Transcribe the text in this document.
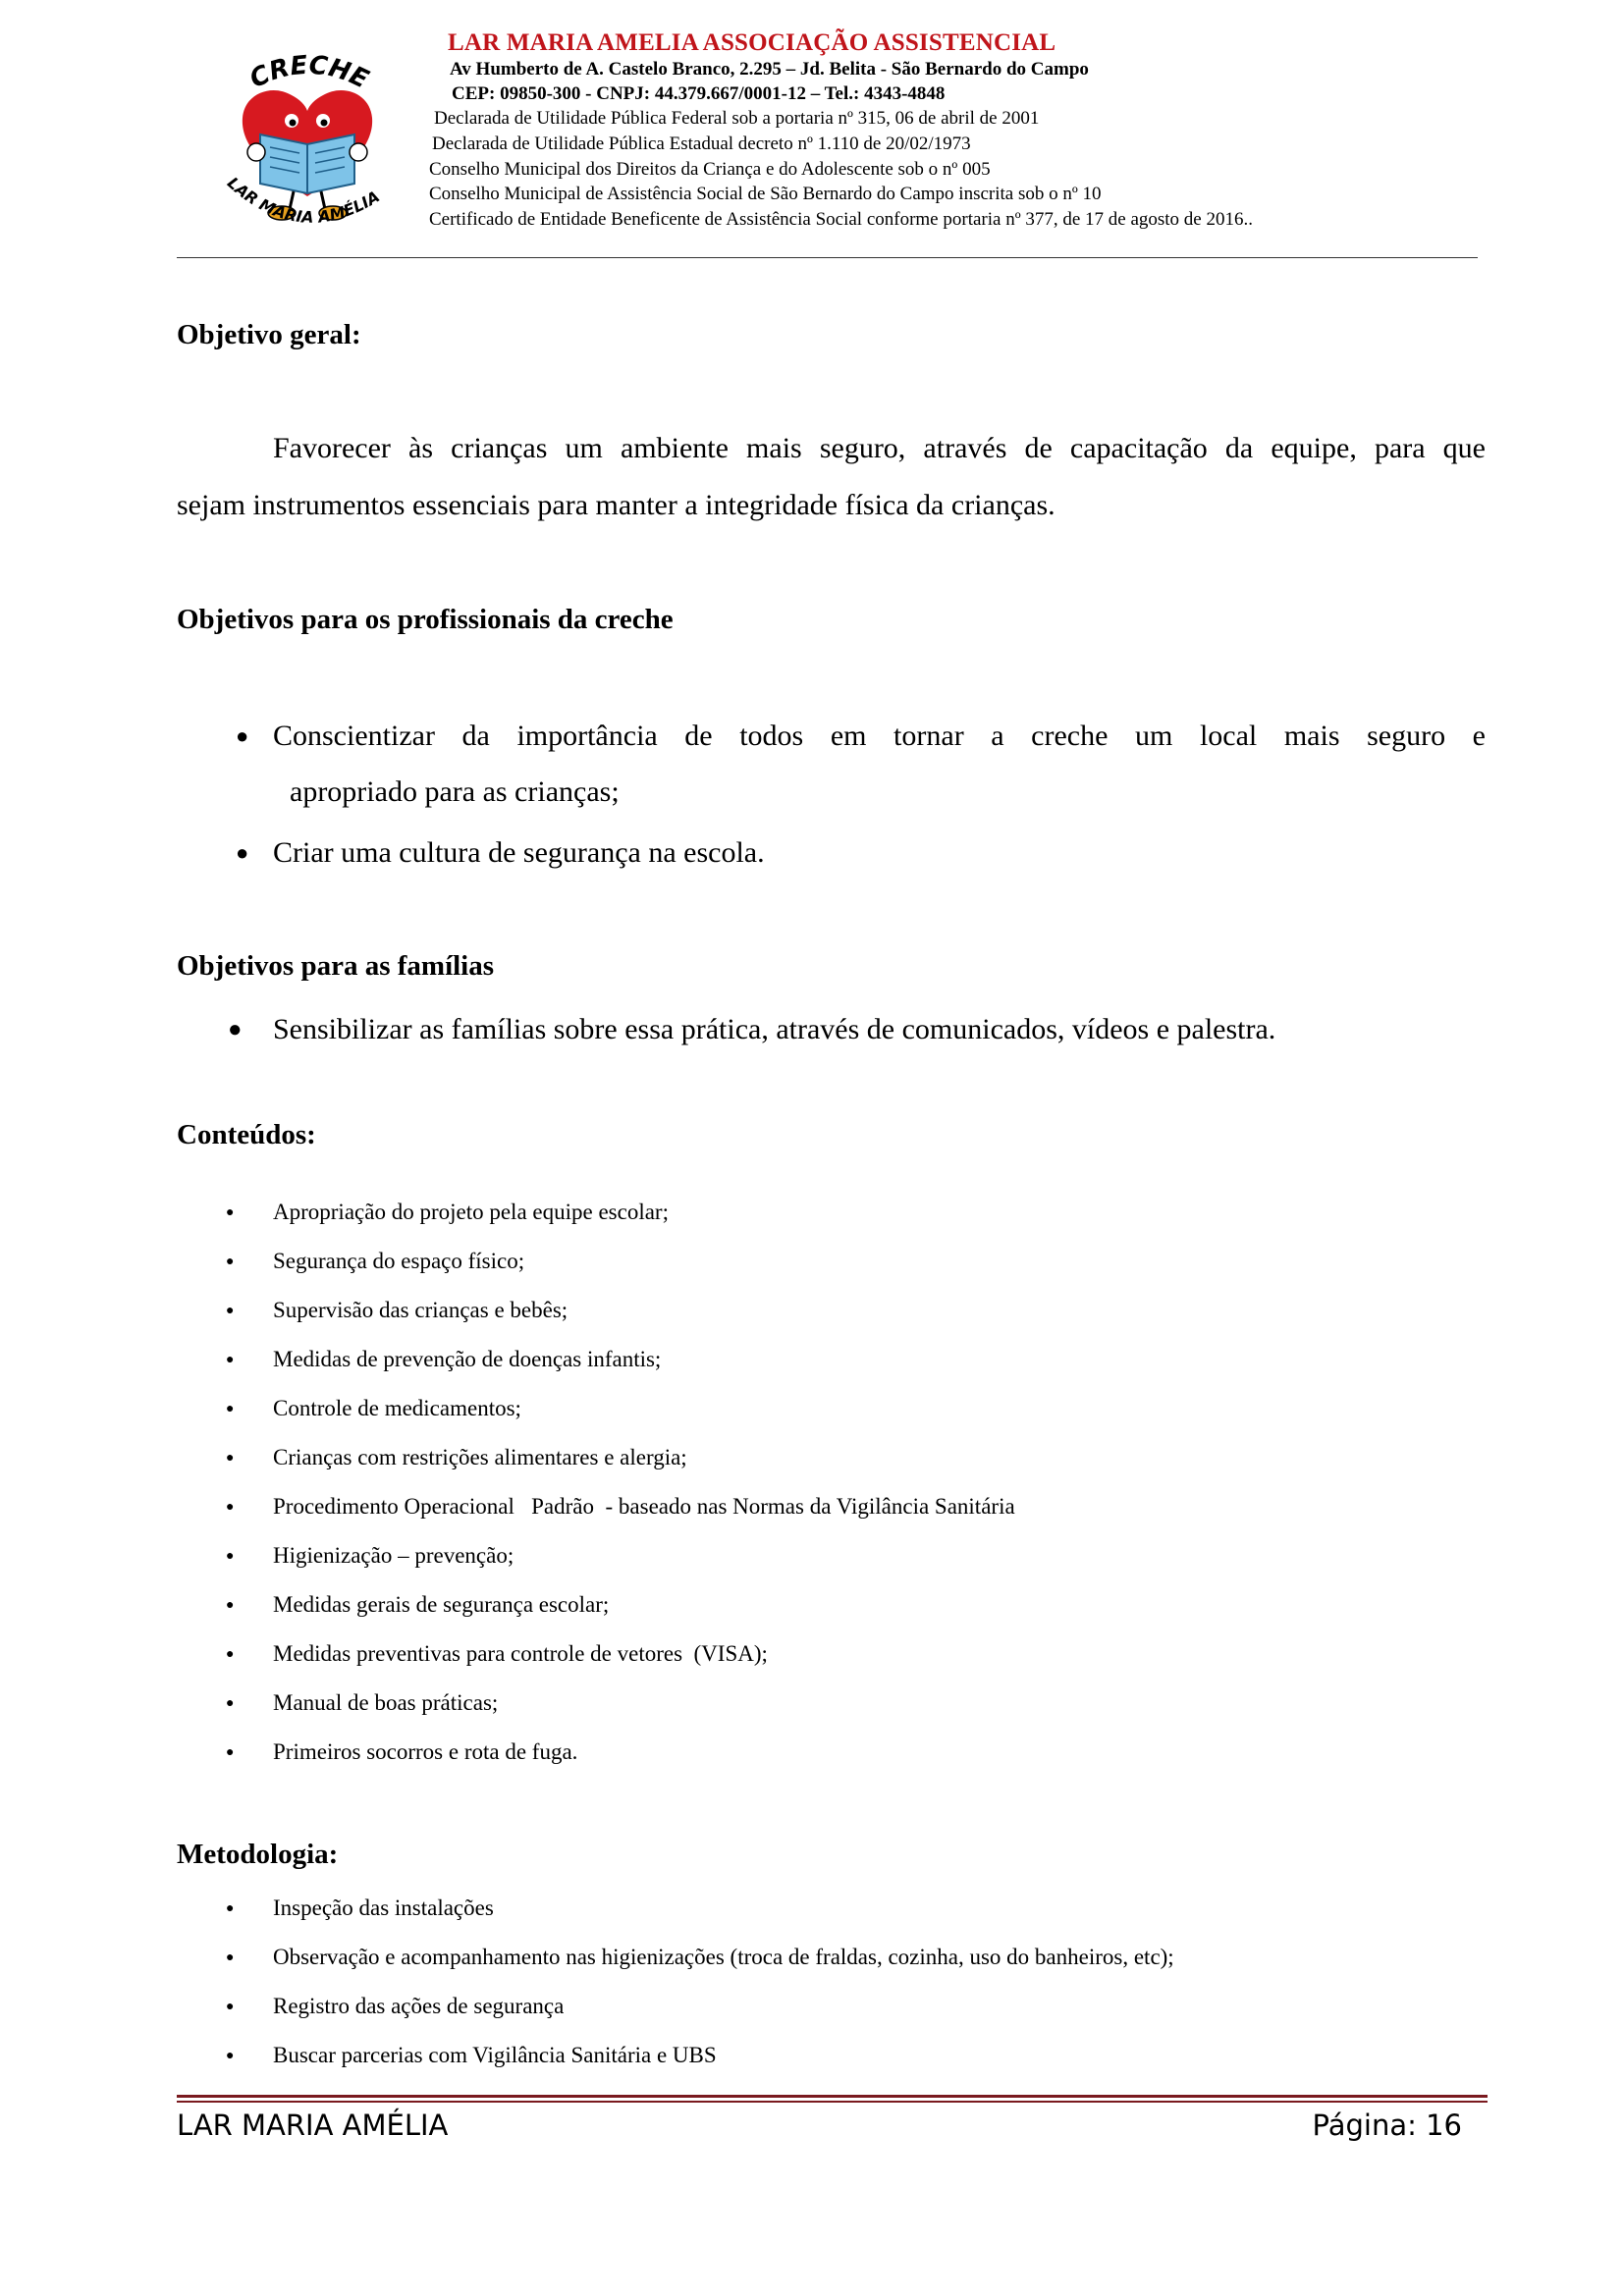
CRECHE
LAR MARIA AMÉLIA
LAR MARIA AMELIA ASSOCIAÇÃO ASSISTENCIAL
Av Humberto de A. Castelo Branco, 2.295 – Jd. Belita - São Bernardo do Campo
CEP: 09850-300 - CNPJ: 44.379.667/0001-12 – Tel.: 4343-4848
Declarada de Utilidade Pública Federal sob a portaria nº 315, 06 de abril de 2001
Declarada de Utilidade Pública Estadual decreto nº 1.110 de 20/02/1973
Conselho Municipal dos Direitos da Criança e do Adolescente sob o nº 005
Conselho Municipal de Assistência Social de São Bernardo do Campo inscrita sob o nº 10
Certificado de Entidade Beneficente de Assistência Social conforme portaria nº 377, de 17 de agosto de 2016..
Objetivo geral:
Favorecer às crianças um ambiente mais seguro, através de capacitação da equipe, para que
sejam instrumentos essenciais para manter a integridade física da crianças.
Objetivos para os profissionais da creche
● Conscientizar da importância de todos em tornar a creche um local mais seguro e
apropriado para as crianças;
● Criar uma cultura de segurança na escola.
Objetivos para as famílias
● Sensibilizar as famílias sobre essa prática, através de comunicados, vídeos e palestra.
Conteúdos:
● Apropriação do projeto pela equipe escolar;
● Segurança do espaço físico;
● Supervisão das crianças e bebês;
● Medidas de prevenção de doenças infantis;
● Controle de medicamentos;
● Crianças com restrições alimentares e alergia;
● Procedimento Operacional   Padrão  - baseado nas Normas da Vigilância Sanitária
● Higienização – prevenção;
● Medidas gerais de segurança escolar;
● Medidas preventivas para controle de vetores  (VISA);
● Manual de boas práticas;
● Primeiros socorros e rota de fuga.
Metodologia:
● Inspeção das instalações
● Observação e acompanhamento nas higienizações (troca de fraldas, cozinha, uso do banheiros, etc);
● Registro das ações de segurança
● Buscar parcerias com Vigilância Sanitária e UBS
LAR MARIA AMÉLIA	Página: 16
